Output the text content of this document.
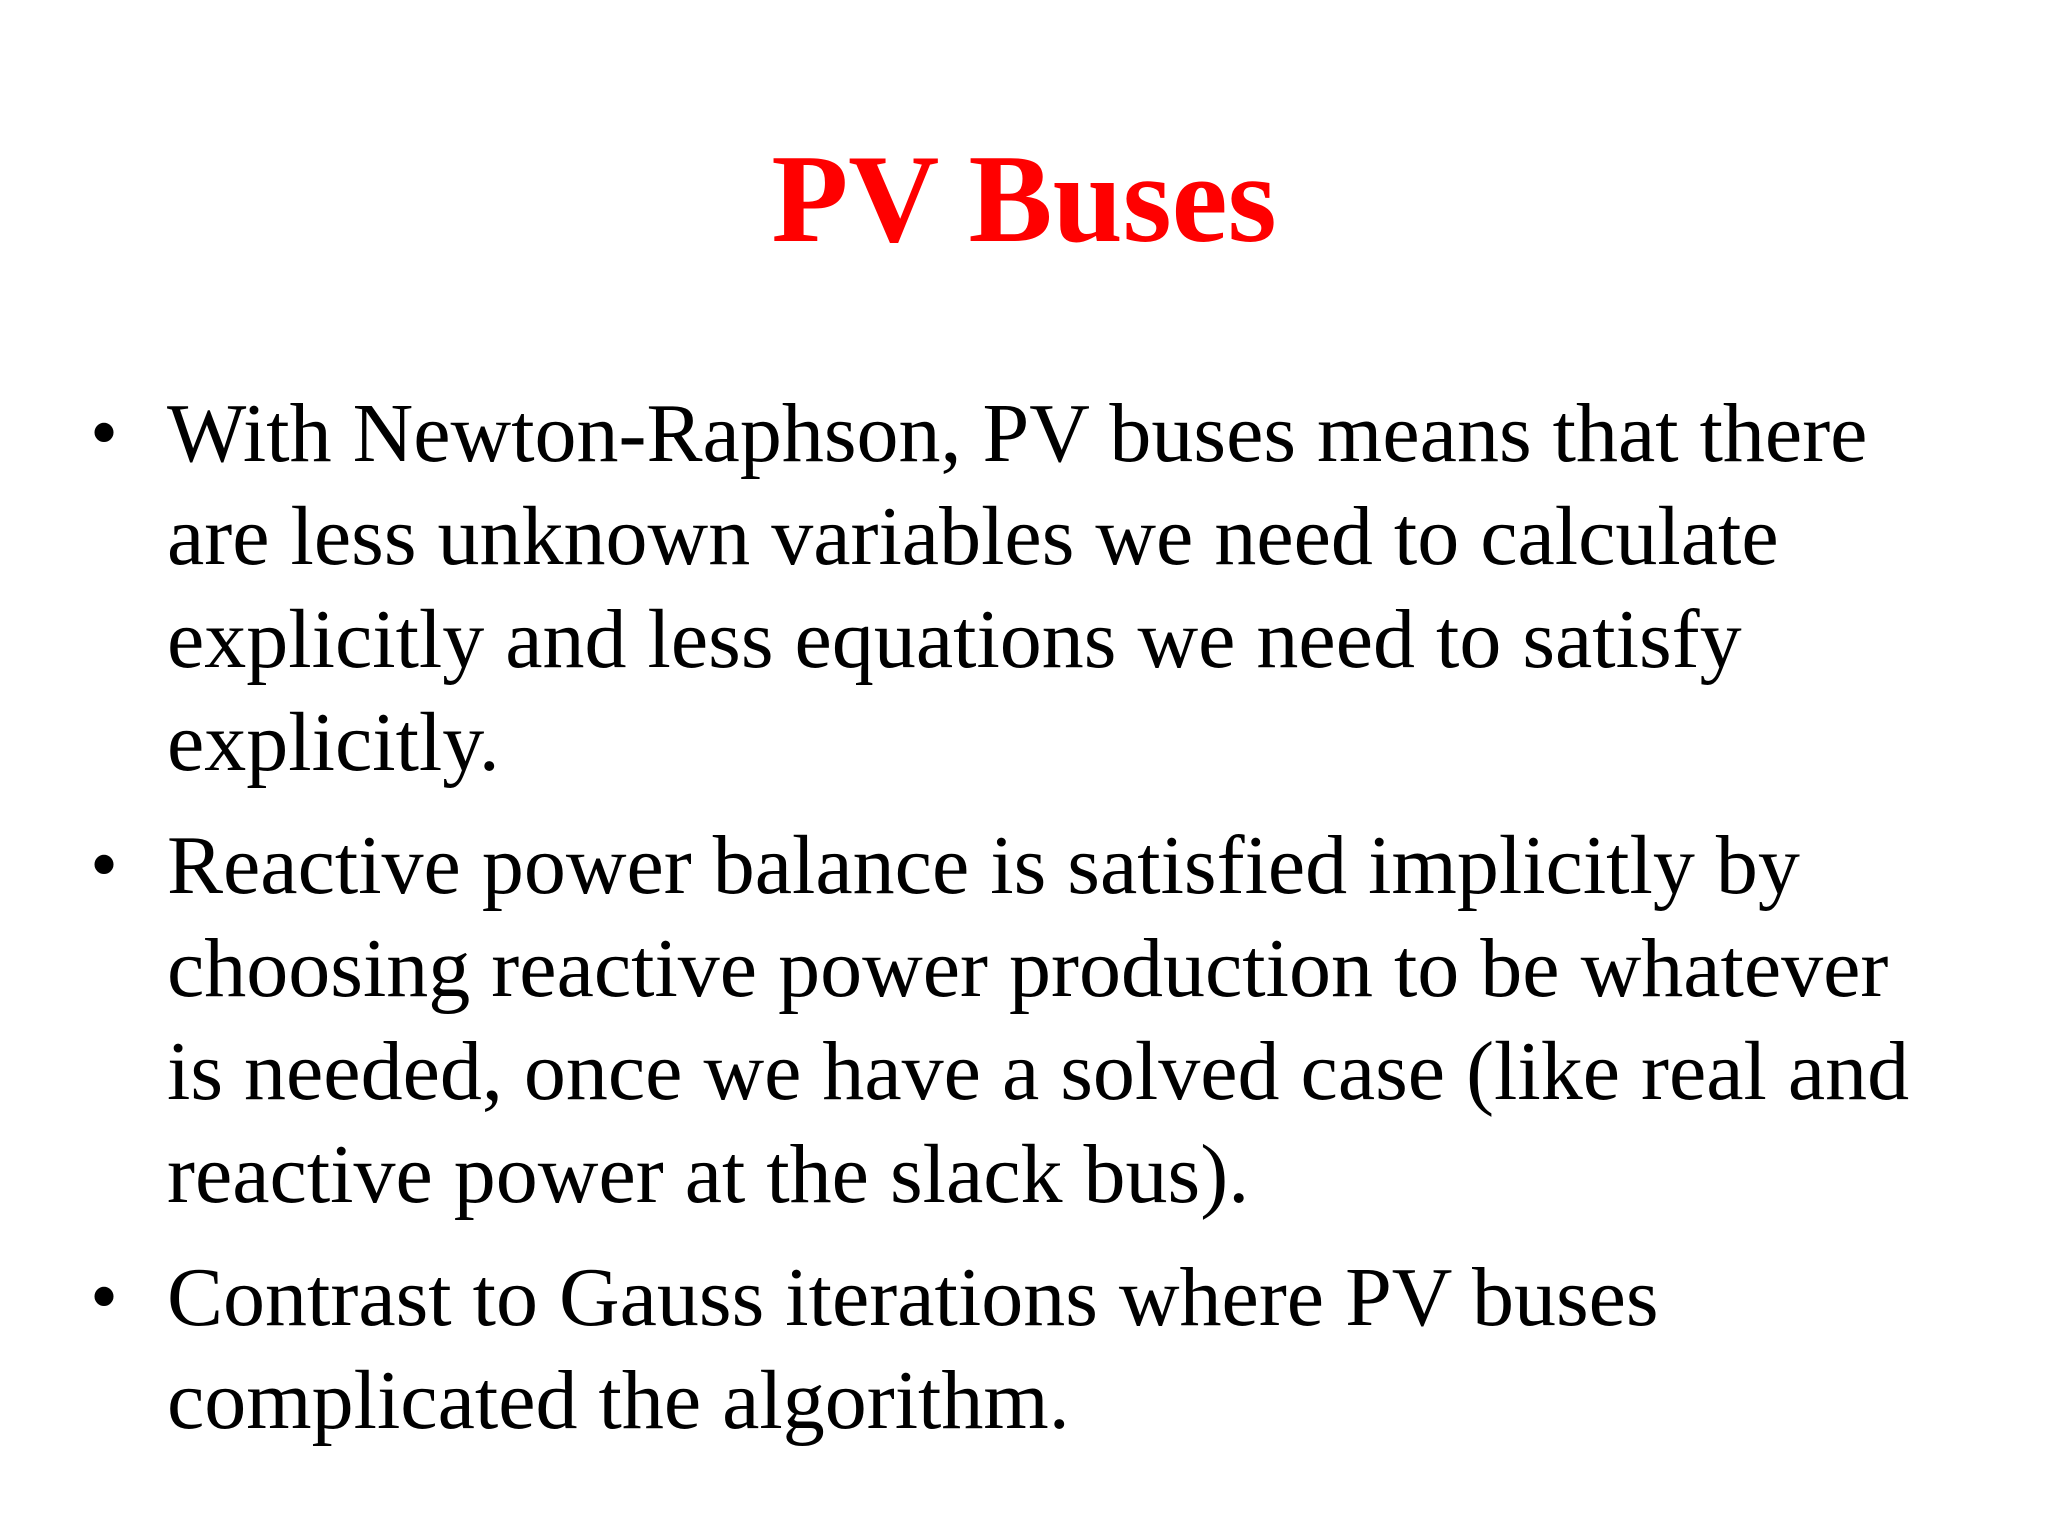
PV Buses
• With Newton-Raphson, PV buses means that there
are less unknown variables we need to calculate
explicitly and less equations we need to satisfy
explicitly.
• Reactive power balance is satisfied implicitly by
choosing reactive power production to be whatever
is needed, once we have a solved case (like real and
reactive power at the slack bus).
• Contrast to Gauss iterations where PV buses
complicated the algorithm.
